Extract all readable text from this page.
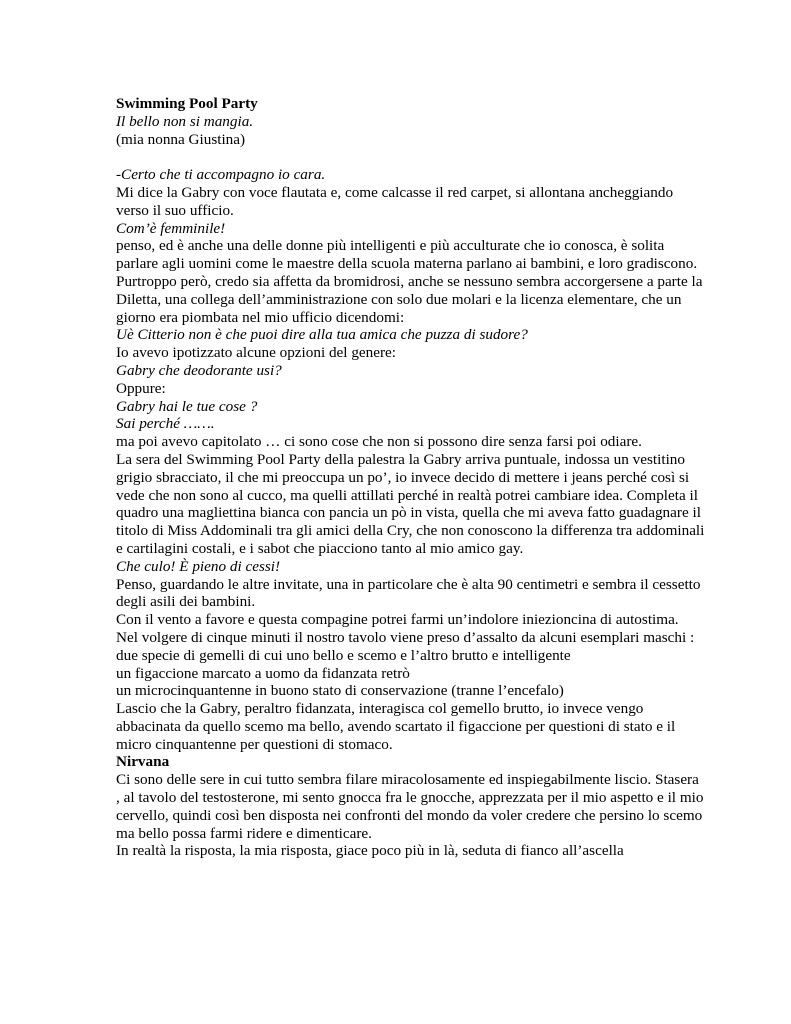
Swimming Pool Party

Il bello non si mangia.

(mia nonna Giustina)

-Certo che ti accompagno io cara.

Mi dice la Gabry con voce flautata e, come calcasse il red carpet, si allontana ancheggiando verso il suo ufficio.

Com’è femminile!

penso, ed è anche una delle donne più intelligenti e più acculturate che io conosca, è solita parlare agli uomini come le maestre della scuola materna parlano ai bambini, e loro gradiscono. Purtroppo però, credo sia affetta da bromidrosi, anche se nessuno sembra accorgersene a parte la Diletta, una collega dell’amministrazione con solo due molari e la licenza elementare, che un giorno era piombata nel mio ufficio dicendomi:

Uè Citterio non è che puoi dire alla tua amica che puzza di sudore?

Io avevo ipotizzato alcune opzioni del genere:

Gabry che deodorante usi?

Oppure:

Gabry hai le tue cose ?

Sai perché …….

ma poi avevo capitolato … ci sono cose che non si possono dire senza farsi poi odiare.

La sera del Swimming Pool Party della palestra la Gabry arriva puntuale, indossa un vestitino grigio sbracciato, il che mi preoccupa un po’, io invece decido di mettere i jeans perché così si vede che non sono al cucco, ma quelli attillati perché in realtà potrei cambiare idea. Completa il quadro una magliettina bianca con pancia un pò in vista, quella che mi aveva fatto guadagnare il titolo di Miss Addominali tra gli amici della Cry, che non conoscono la differenza tra addominali e cartilagini costali, e i sabot che piacciono tanto al mio amico gay.

Che culo! È pieno di cessi!

Penso, guardando le altre invitate, una in particolare che è alta 90 centimetri e sembra il cessetto degli asili dei bambini.

Con il vento a favore e questa compagine potrei farmi un’indolore iniezioncina di autostima.

Nel volgere di cinque minuti il nostro tavolo viene preso d’assalto da alcuni esemplari maschi :

due specie di gemelli di cui uno bello e scemo e l’altro brutto e intelligente

un figaccione marcato a uomo da fidanzata retrò

un microcinquantenne in buono stato di conservazione (tranne l’encefalo)

Lascio che la Gabry, peraltro fidanzata, interagisca col gemello brutto, io invece vengo abbacinata da quello scemo ma bello, avendo scartato il figaccione per questioni di stato e il micro cinquantenne per questioni di stomaco.

Nirvana

Ci sono delle sere in cui tutto sembra filare miracolosamente ed inspiegabilmente liscio. Stasera , al tavolo del testosterone, mi sento gnocca fra le gnocche, apprezzata per il mio aspetto e il mio cervello, quindi così ben disposta nei confronti del mondo da voler credere che persino lo scemo ma bello possa farmi ridere e dimenticare.

In realtà la risposta, la mia risposta, giace poco più in là, seduta di fianco all’ascella
